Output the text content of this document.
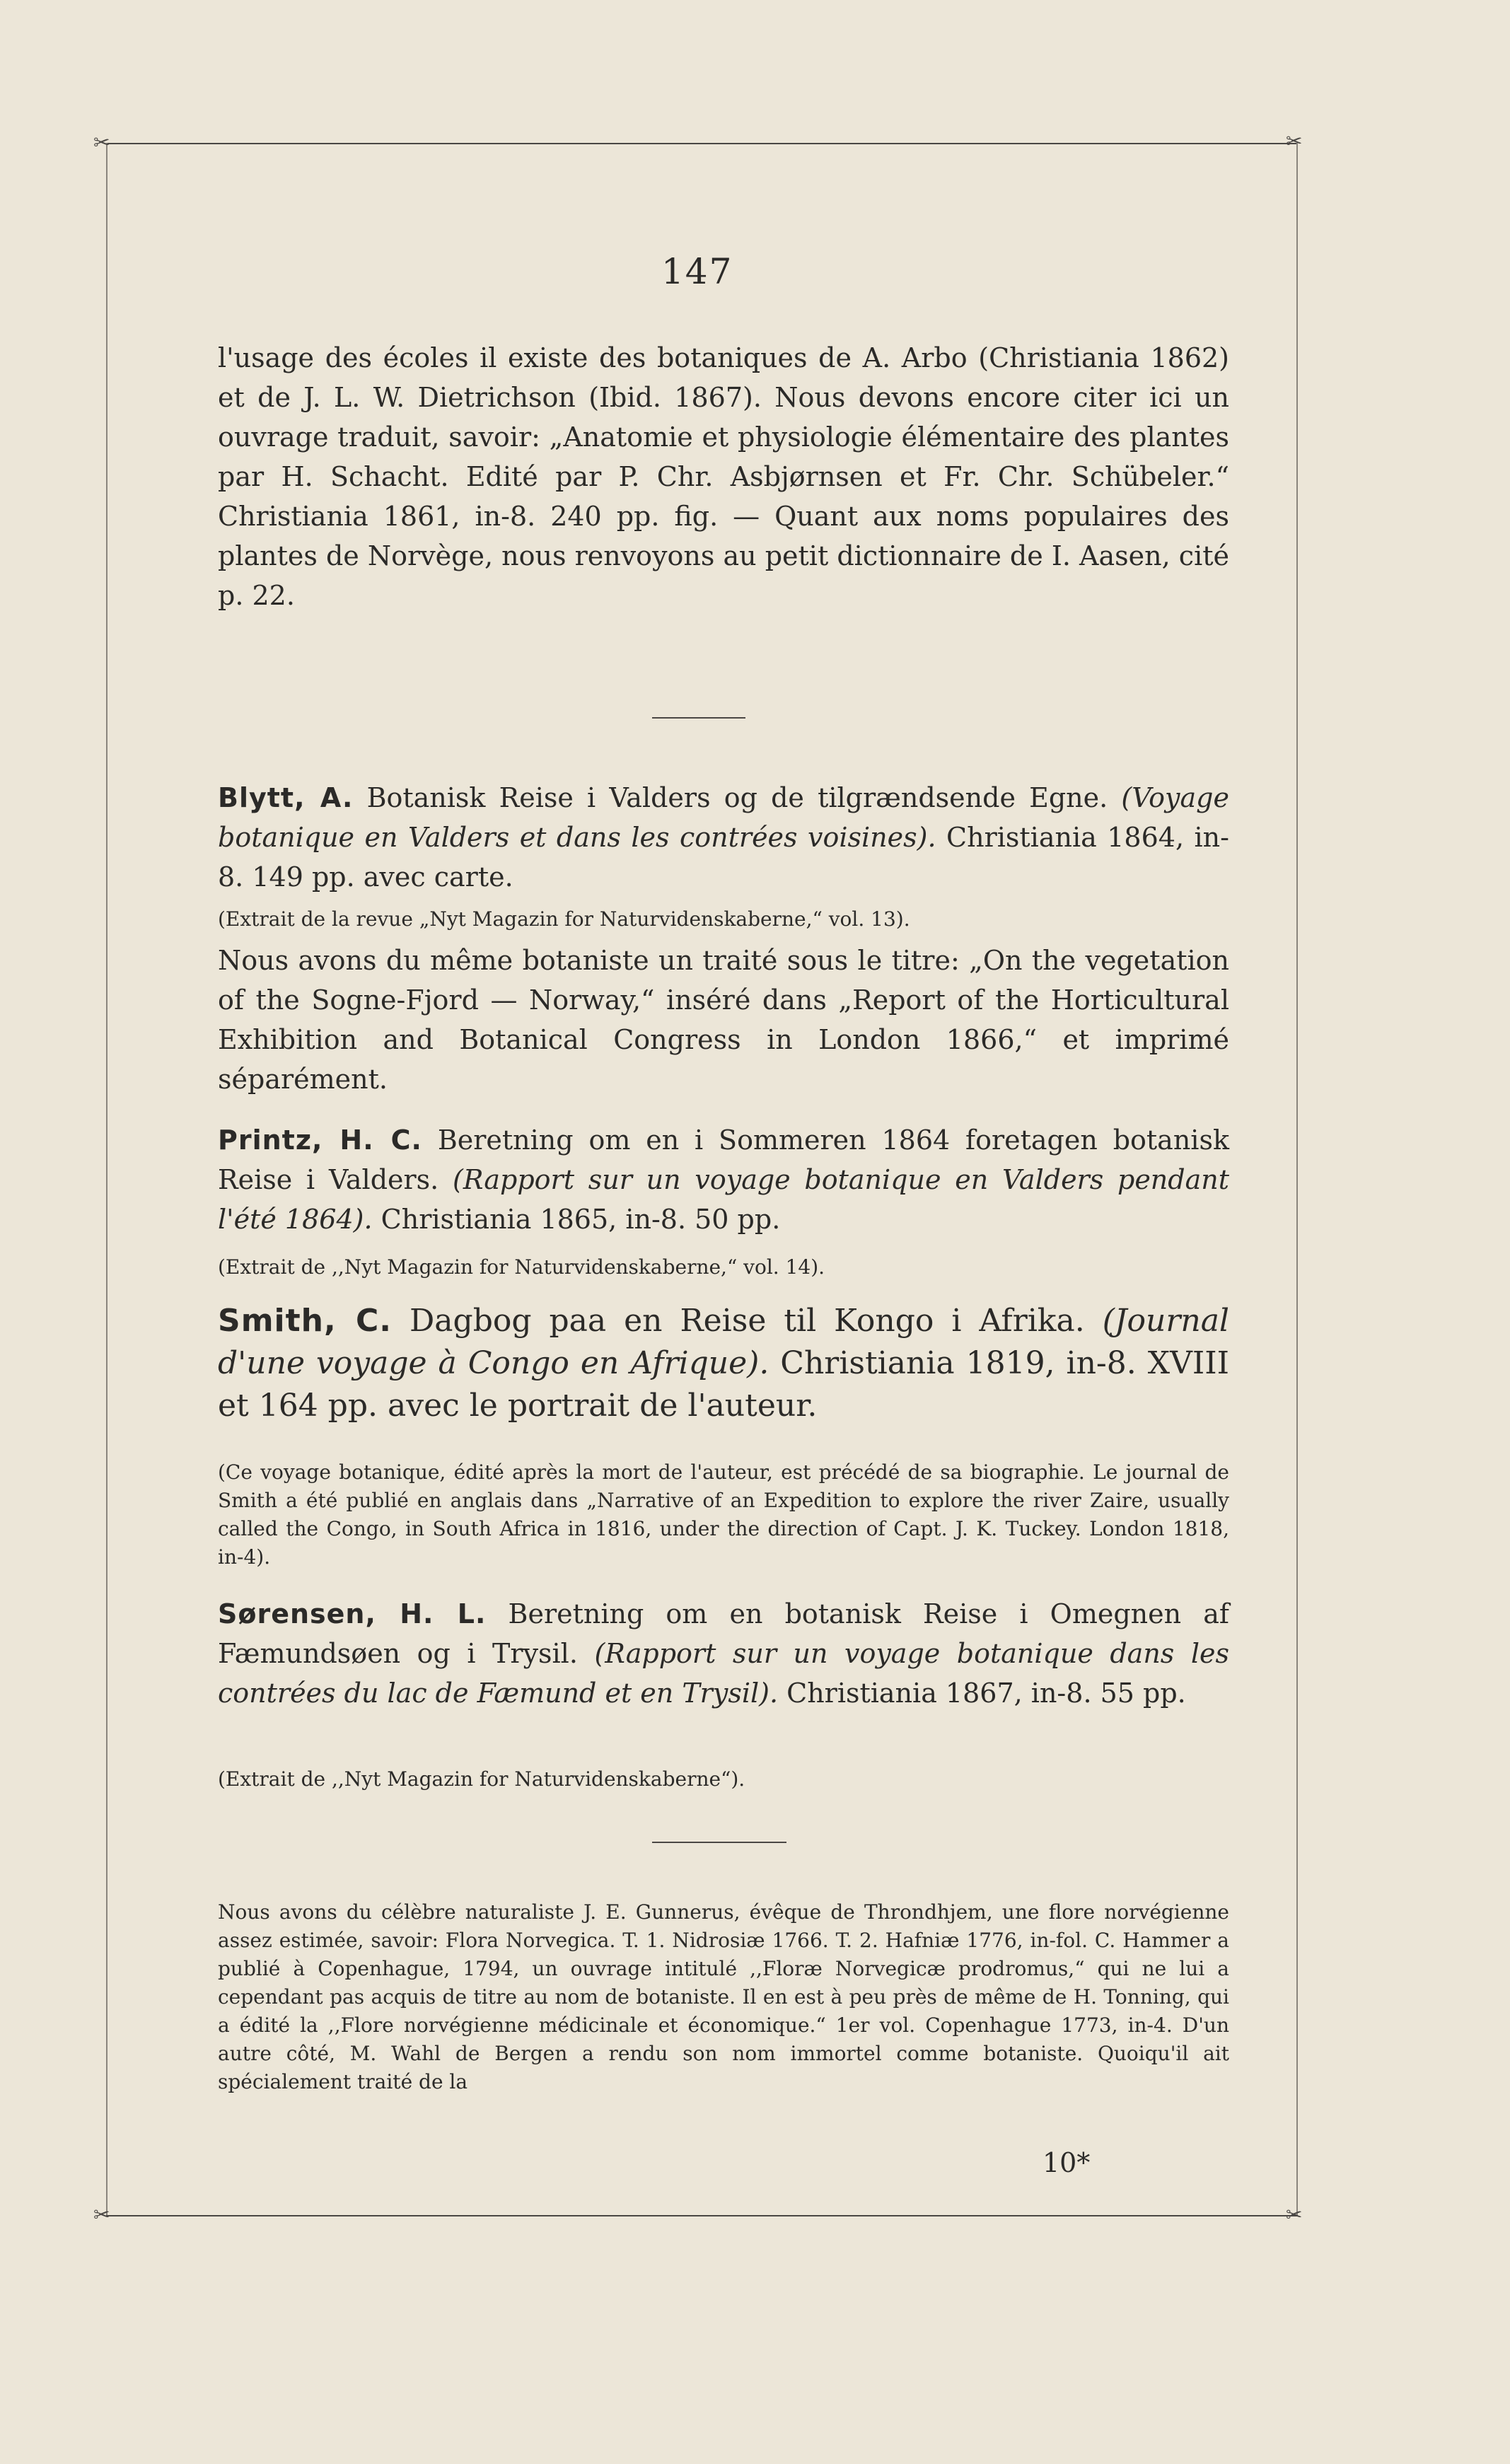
✂	✂
✂	✂
147
l'usage des écoles il existe des botaniques de A. Arbo (Christiania 1862) et de J. L. W. Dietrichson (Ibid. 1867). Nous devons encore citer ici un ouvrage traduit, savoir: „Anatomie et physiologie élémentaire des plantes par H. Schacht. Edité par P. Chr. Asbjørnsen et Fr. Chr. Schübeler.“ Christiania 1861, in-8. 240 pp. fig. — Quant aux noms populaires des plantes de Norvège, nous renvoyons au petit dictionnaire de I. Aasen, cité p. 22.
Blytt, A. Botanisk Reise i Valders og de tilgrændsende Egne. (Voyage botanique en Valders et dans les contrées voisines). Christiania 1864, in-8. 149 pp. avec carte.
(Extrait de la revue „Nyt Magazin for Naturvidenskaberne,“ vol. 13).
Nous avons du même botaniste un traité sous le titre: „On the vegetation of the Sogne-Fjord — Norway,“ inséré dans „Report of the Horticultural Exhibition and Botanical Congress in London 1866,“ et imprimé séparément.
Printz, H. C. Beretning om en i Sommeren 1864 foretagen botanisk Reise i Valders. (Rapport sur un voyage botanique en Valders pendant l'été 1864). Christiania 1865, in-8. 50 pp.
(Extrait de ,,Nyt Magazin for Naturvidenskaberne,“ vol. 14).
Smith, C. Dagbog paa en Reise til Kongo i Afrika. (Journal d'une voyage à Congo en Afrique). Christiania 1819, in-8. XVIII et 164 pp. avec le portrait de l'auteur.
(Ce voyage botanique, édité après la mort de l'auteur, est précédé de sa biographie. Le journal de Smith a été publié en anglais dans „Narrative of an Expedition to explore the river Zaire, usually called the Congo, in South Africa in 1816, under the direction of Capt. J. K. Tuckey. London 1818, in-4).
Sørensen, H. L. Beretning om en botanisk Reise i Omegnen af Fæmundsøen og i Trysil. (Rapport sur un voyage botanique dans les contrées du lac de Fæmund et en Trysil). Christiania 1867, in-8. 55 pp.
(Extrait de ,,Nyt Magazin for Naturvidenskaberne“).
Nous avons du célèbre naturaliste J. E. Gunnerus, évêque de Throndhjem, une flore norvégienne assez estimée, savoir: Flora Norvegica. T. 1. Nidrosiæ 1766. T. 2. Hafniæ 1776, in-fol. C. Hammer a publié à Copenhague, 1794, un ouvrage intitulé ,,Floræ Norvegicæ prodromus,“ qui ne lui a cependant pas acquis de titre au nom de botaniste. Il en est à peu près de même de H. Tonning, qui a édité la ,,Flore norvégienne médicinale et économique.“ 1er vol. Copenhague 1773, in-4. D'un autre côté, M. Wahl de Bergen a rendu son nom immortel comme botaniste. Quoiqu'il ait spécialement traité de la
10*
